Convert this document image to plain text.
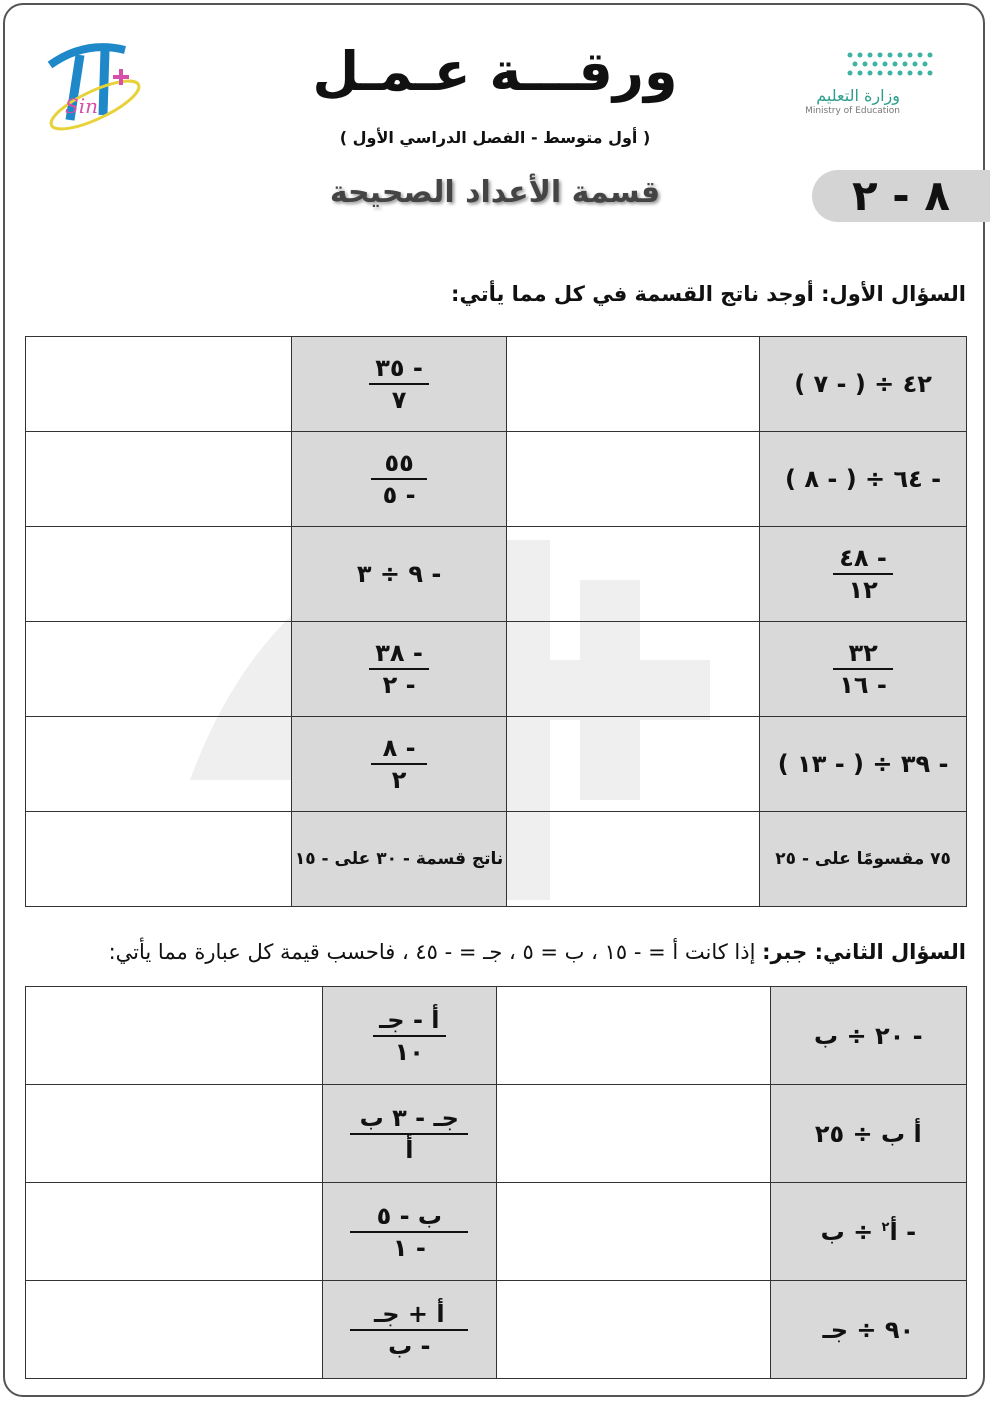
Sin	وزارة التعليم
Ministry of Education
ورقـــة عـمـل
( أول متوسط - الفصل الدراسي الأول )
قسمة الأعداد الصحيحة	٨ - ٢
السؤال الأول: أوجد ناتج القسمة في كل مما يأتي:
٤٢ ÷ ( - ٧ )		$\frac{- ٣٥}{٧}$

- ٦٤ ÷ ( - ٨ )		$\frac{٥٥}{- ٥}$

$\frac{- ٤٨}{١٢}$		- ٩ ÷ ٣	

$\frac{٣٢}{- ١٦}$		$\frac{- ٣٨}{- ٢}$

- ٣٩ ÷ ( - ١٣ )		$\frac{- ٨}{٢}$

٧٥ مقسومًا على - ٢٥		ناتج قسمة - ٣٠ على - ١٥	
السؤال الثاني: جبر: إذا كانت أ = - ١٥ ، ب = ٥ ، جـ = - ٤٥ ، فاحسب قيمة كل عبارة مما يأتي:
- ٢٠ ÷ ب		$\frac{\text{أ - جـ}}{١٠}$

أ ب ÷ ٢٥		$\frac{\text{جـ - ٣ ب}}{\text{أ}}$

- أ$^٢$ ÷ ب		$\frac{\text{ب - ٥}}{- ١}$

٩٠ ÷ جـ		$\frac{\text{أ + جـ}}{\text{- ب}}$
